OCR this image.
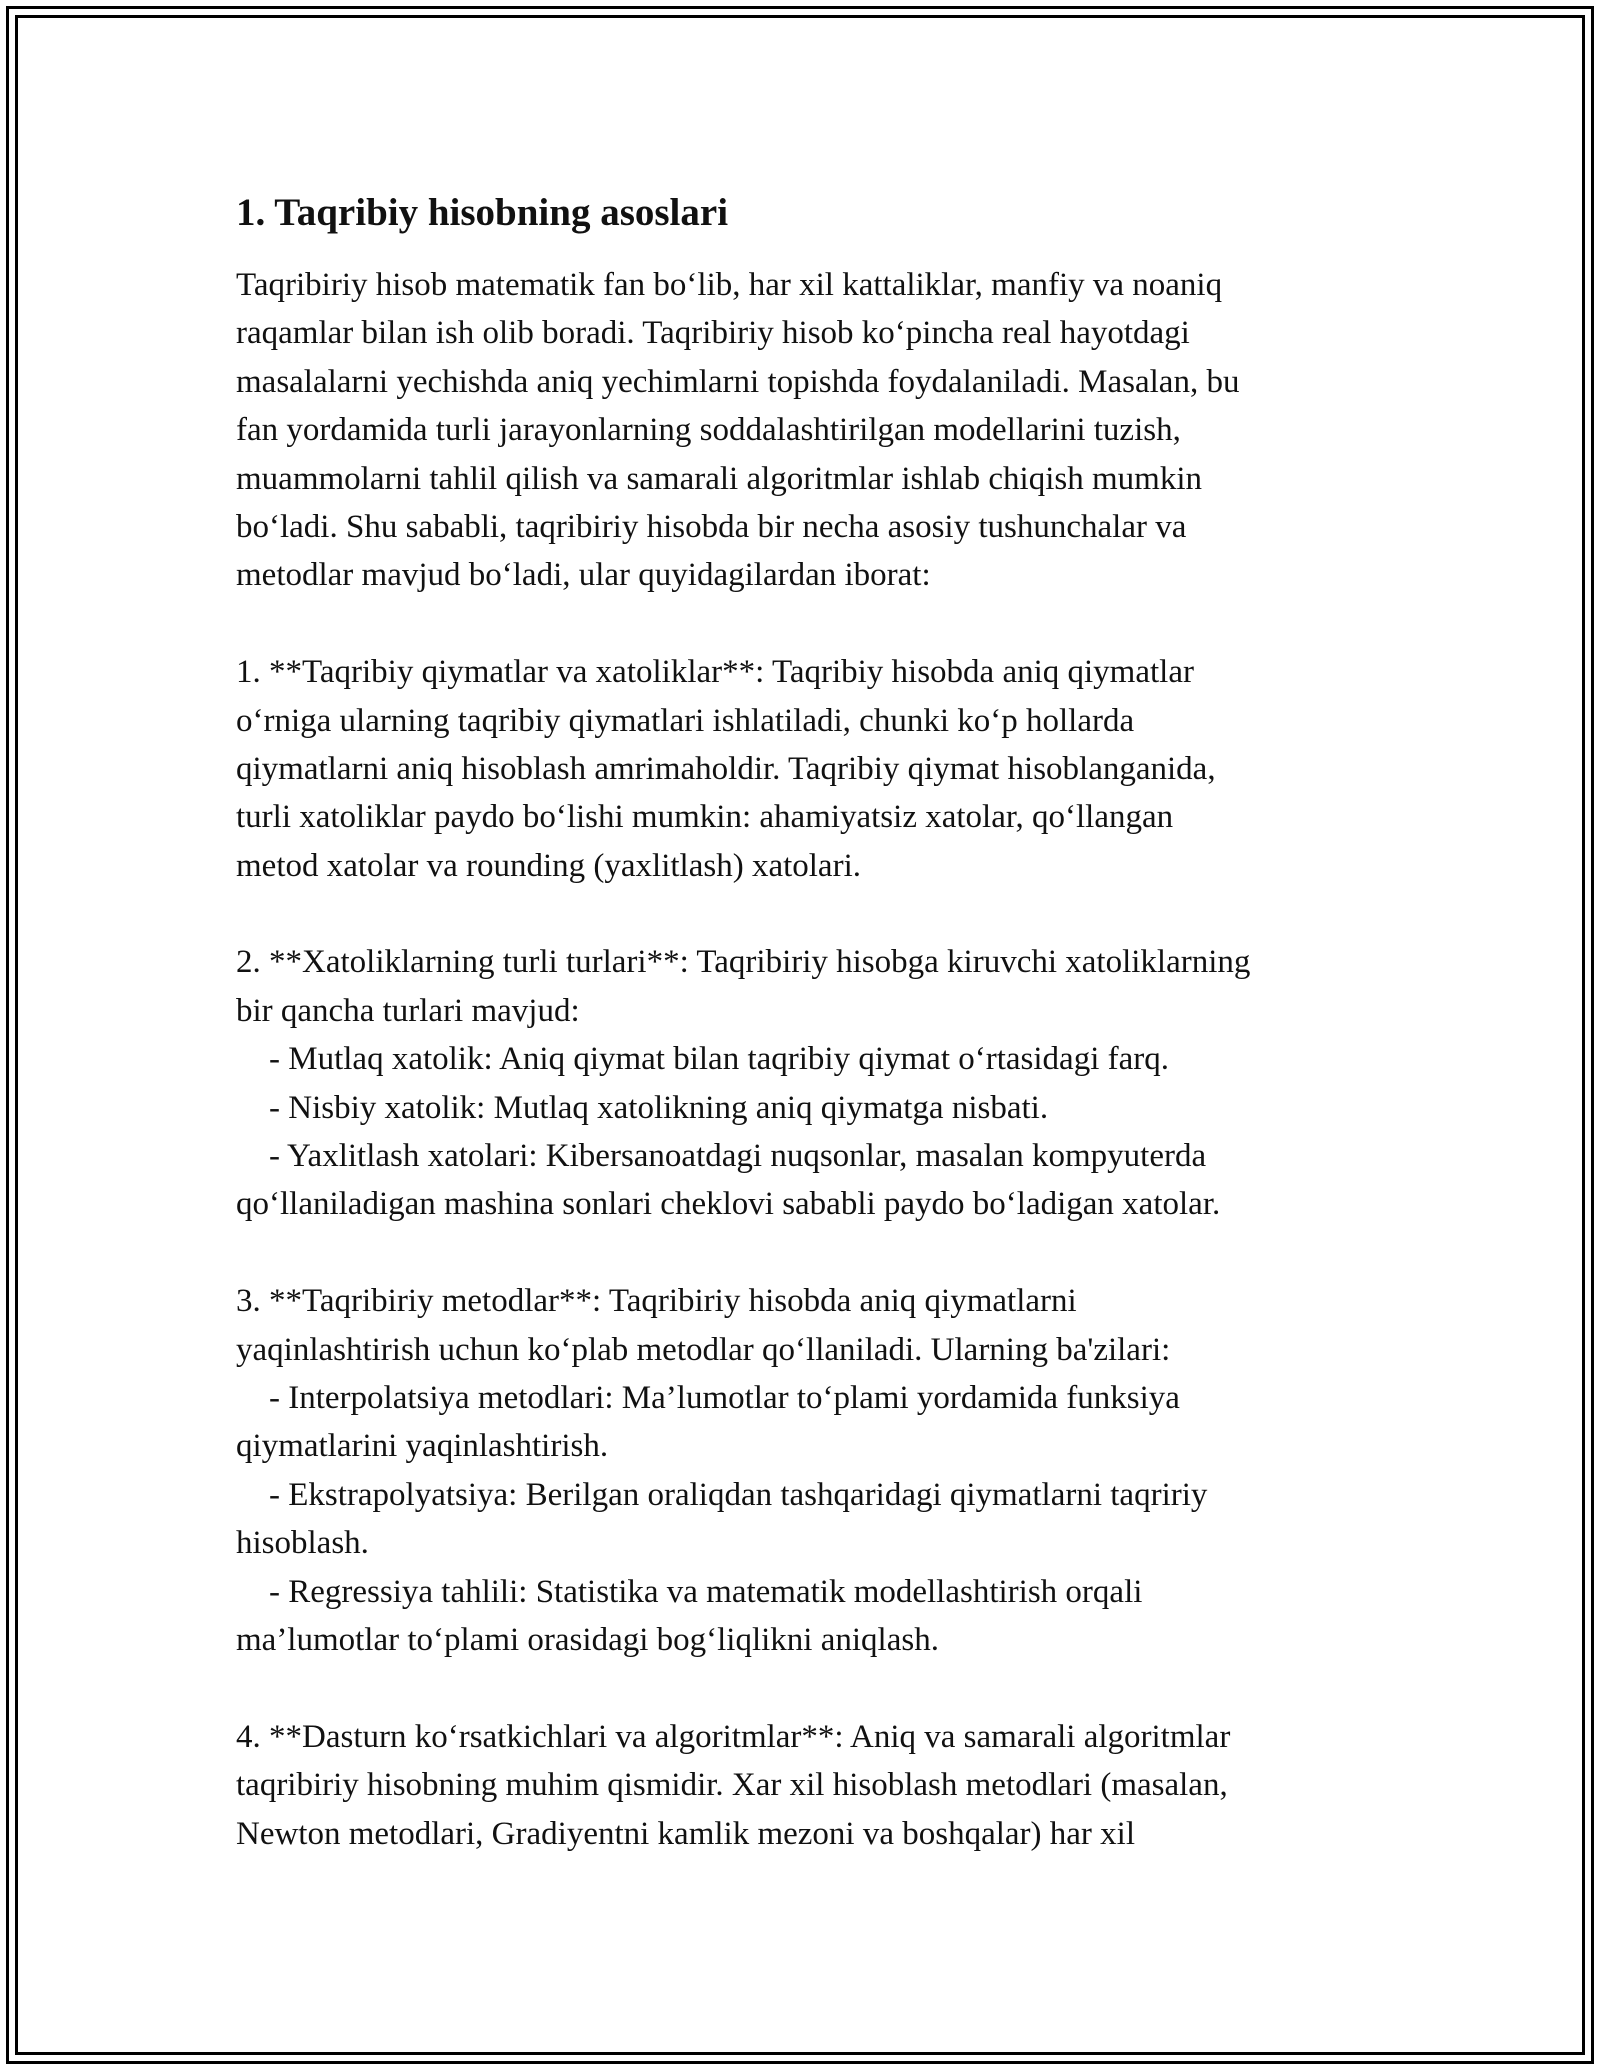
1. Taqribiy hisobning asoslari

Taqribiriy hisob matematik fan bo‘lib, har xil kattaliklar, manfiy va noaniq

raqamlar bilan ish olib boradi. Taqribiriy hisob ko‘pincha real hayotdagi

masalalarni yechishda aniq yechimlarni topishda foydalaniladi. Masalan, bu

fan yordamida turli jarayonlarning soddalashtirilgan modellarini tuzish,

muammolarni tahlil qilish va samarali algoritmlar ishlab chiqish mumkin

bo‘ladi. Shu sababli, taqribiriy hisobda bir necha asosiy tushunchalar va

metodlar mavjud bo‘ladi, ular quyidagilardan iborat:

1. **Taqribiy qiymatlar va xatoliklar**: Taqribiy hisobda aniq qiymatlar

o‘rniga ularning taqribiy qiymatlari ishlatiladi, chunki ko‘p hollarda

qiymatlarni aniq hisoblash amrimaholdir. Taqribiy qiymat hisoblanganida,

turli xatoliklar paydo bo‘lishi mumkin: ahamiyatsiz xatolar, qo‘llangan

metod xatolar va rounding (yaxlitlash) xatolari.

2. **Xatoliklarning turli turlari**: Taqribiriy hisobga kiruvchi xatoliklarning

bir qancha turlari mavjud:

- Mutlaq xatolik: Aniq qiymat bilan taqribiy qiymat o‘rtasidagi farq.

- Nisbiy xatolik: Mutlaq xatolikning aniq qiymatga nisbati.

- Yaxlitlash xatolari: Kibersanoatdagi nuqsonlar, masalan kompyuterda

qo‘llaniladigan mashina sonlari cheklovi sababli paydo bo‘ladigan xatolar.

3. **Taqribiriy metodlar**: Taqribiriy hisobda aniq qiymatlarni

yaqinlashtirish uchun ko‘plab metodlar qo‘llaniladi. Ularning ba'zilari:

- Interpolatsiya metodlari: Ma’lumotlar to‘plami yordamida funksiya

qiymatlarini yaqinlashtirish.

- Ekstrapolyatsiya: Berilgan oraliqdan tashqaridagi qiymatlarni taqririy

hisoblash.

- Regressiya tahlili: Statistika va matematik modellashtirish orqali

ma’lumotlar to‘plami orasidagi bog‘liqlikni aniqlash.

4. **Dasturn ko‘rsatkichlari va algoritmlar**: Aniq va samarali algoritmlar

taqribiriy hisobning muhim qismidir. Xar xil hisoblash metodlari (masalan,

Newton metodlari, Gradiyentni kamlik mezoni va boshqalar) har xil
